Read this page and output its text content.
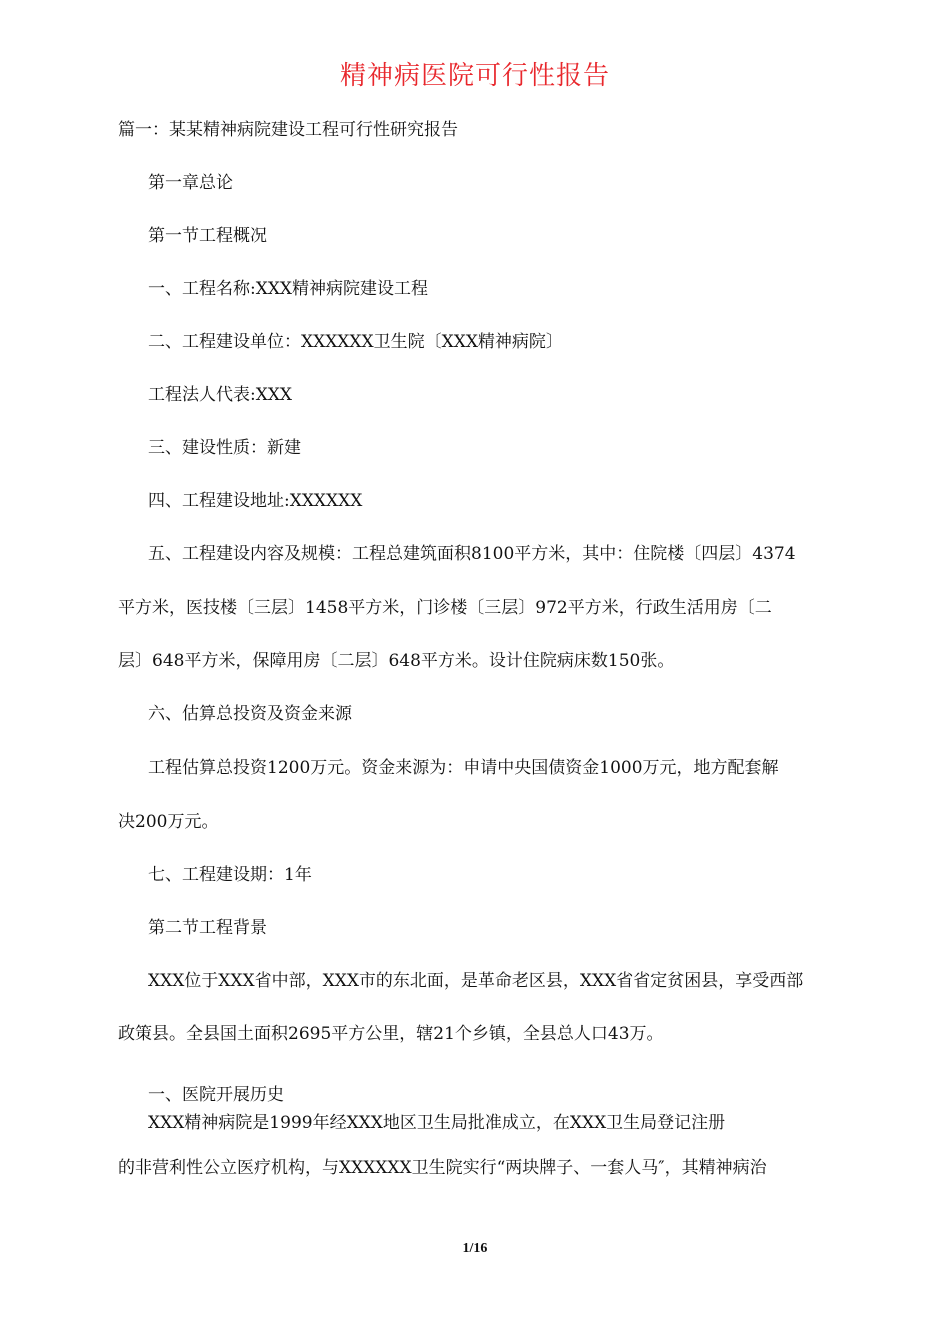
精神病医院可行性报告
篇一：某某精神病院建设工程可行性研究报告
第一章总论
第一节工程概况
一、工程名称:XXX精神病院建设工程
二、工程建设单位：XXXXXX卫生院〔XXX精神病院〕
工程法人代表:XXX
三、建设性质：新建
四、工程建设地址:XXXXXX
五、工程建设内容及规模：工程总建筑面积8100平方米，其中：住院楼〔四层〕4374
平方米，医技楼〔三层〕1458平方米，门诊楼〔三层〕972平方米，行政生活用房〔二
层〕648平方米，保障用房〔二层〕648平方米。设计住院病床数150张。
六、估算总投资及资金来源
工程估算总投资1200万元。资金来源为：申请中央国债资金1000万元，地方配套解
决200万元。
七、工程建设期：1年
第二节工程背景
XXX位于XXX省中部，XXX市的东北面，是革命老区县，XXX省省定贫困县，享受西部
政策县。全县国土面积2695平方公里，辖21个乡镇，全县总人口43万。
一、医院开展历史
XXX精神病院是1999年经XXX地区卫生局批准成立，在XXX卫生局登记注册
的非营利性公立医疗机构，与XXXXXX卫生院实行“两块牌子、一套人马″，其精神病治
1/16
